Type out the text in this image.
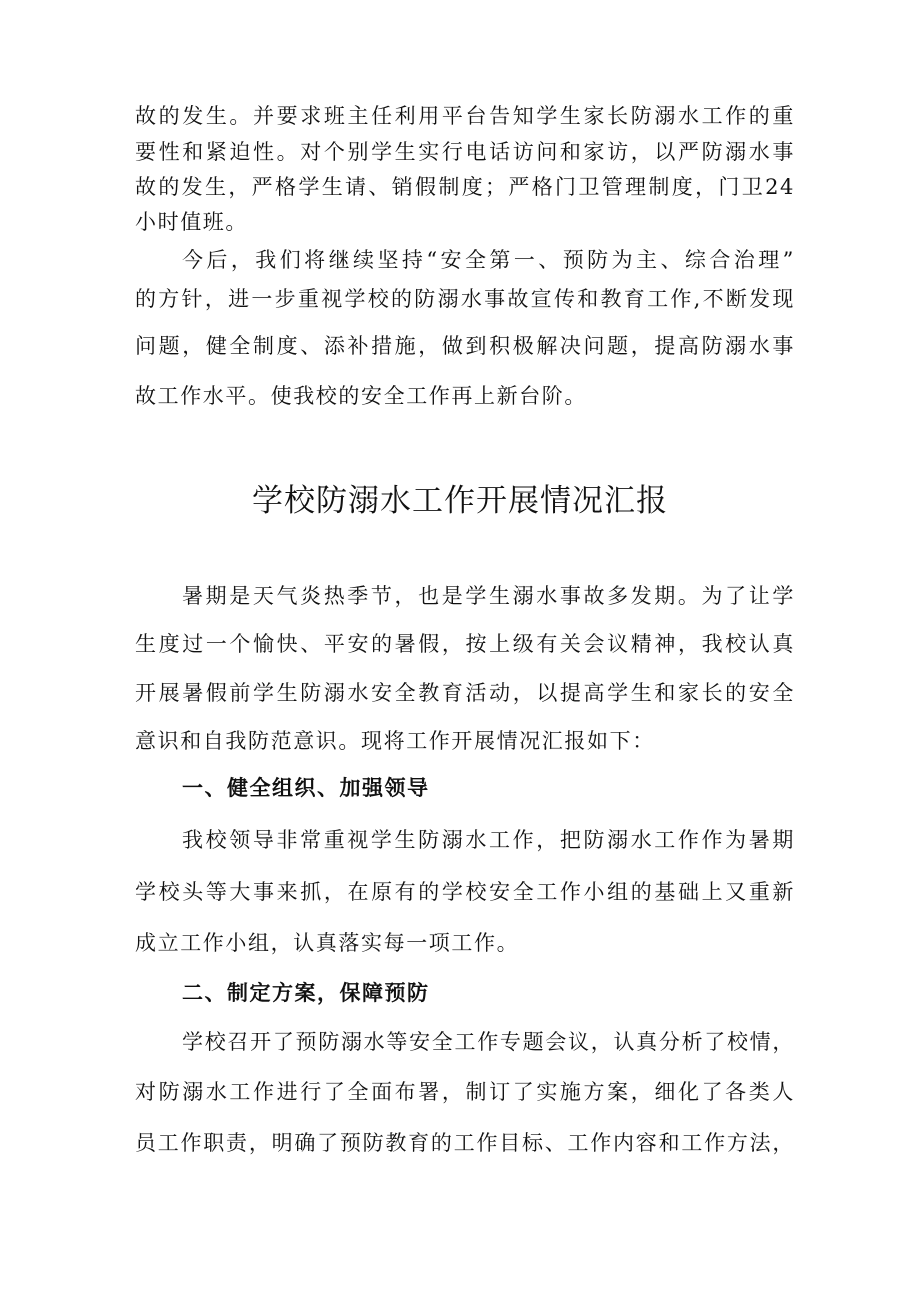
故的发生。并要求班主任利用平台告知学生家长防溺水工作的重
要性和紧迫性。对个别学生实行电话访问和家访，以严防溺水事
故的发生，严格学生请、销假制度；严格门卫管理制度，门卫24
小时值班。
今后，我们将继续坚持“安全第一、预防为主、综合治理”
的方针，进一步重视学校的防溺水事故宣传和教育工作,不断发现
问题，健全制度、添补措施，做到积极解决问题，提高防溺水事
故工作水平。使我校的安全工作再上新台阶。
学校防溺水工作开展情况汇报
暑期是天气炎热季节，也是学生溺水事故多发期。为了让学
生度过一个愉快、平安的暑假，按上级有关会议精神，我校认真
开展暑假前学生防溺水安全教育活动，以提高学生和家长的安全
意识和自我防范意识。现将工作开展情况汇报如下：
一、健全组织、加强领导
我校领导非常重视学生防溺水工作，把防溺水工作作为暑期
学校头等大事来抓，在原有的学校安全工作小组的基础上又重新
成立工作小组，认真落实每一项工作。
二、制定方案，保障预防
学校召开了预防溺水等安全工作专题会议，认真分析了校情，
对防溺水工作进行了全面布署，制订了实施方案，细化了各类人
员工作职责，明确了预防教育的工作目标、工作内容和工作方法，
